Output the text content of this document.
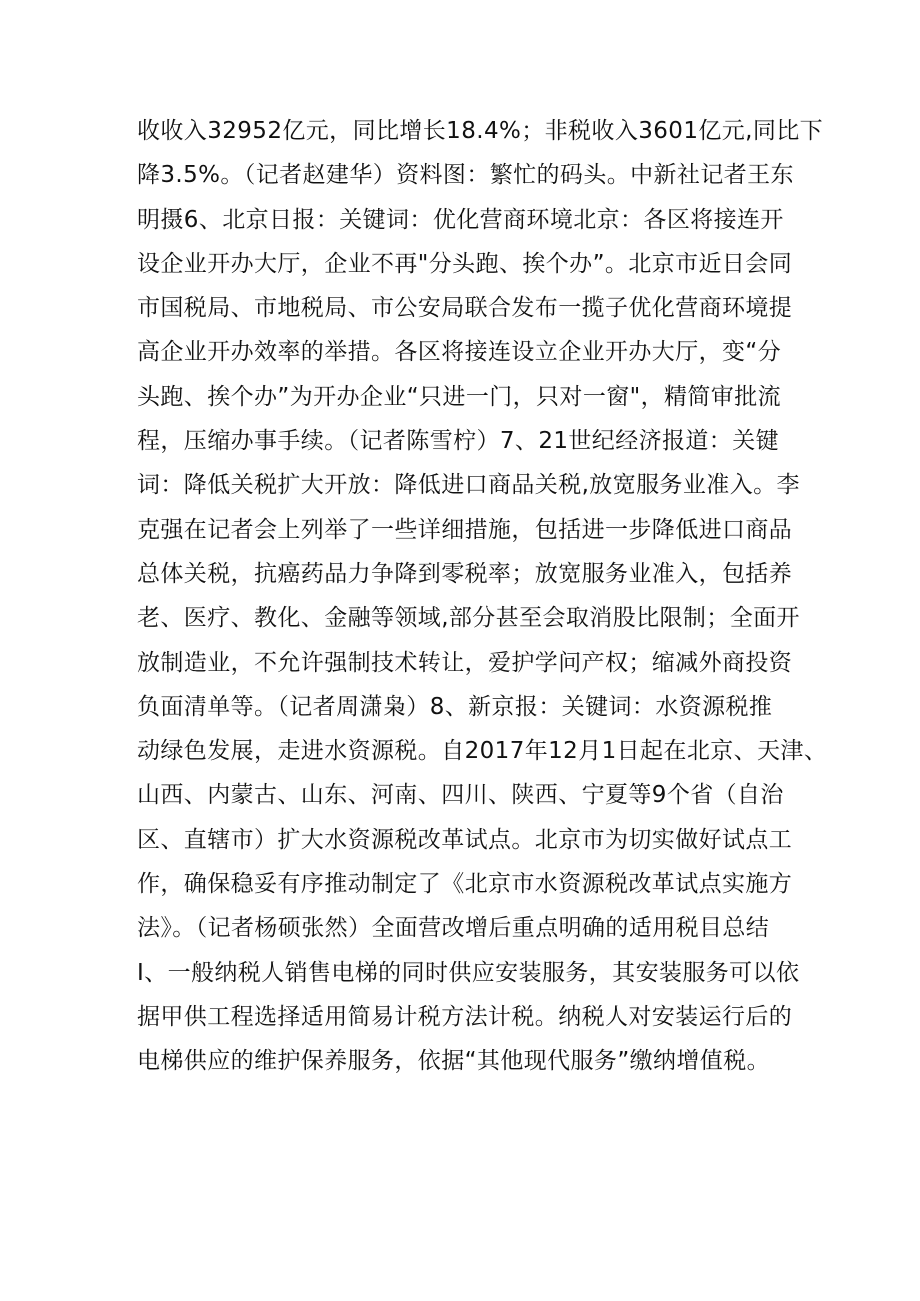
收收入32952亿元，同比增长18.4%；非税收入3601亿元,同比下
降3.5%。（记者赵建华）资料图：繁忙的码头。中新社记者王东
明摄6、北京日报：关键词：优化营商环境北京：各区将接连开
设企业开办大厅，企业不再"分头跑、挨个办”。北京市近日会同
市国税局、市地税局、市公安局联合发布一揽子优化营商环境提
高企业开办效率的举措。各区将接连设立企业开办大厅，变“分
头跑、挨个办”为开办企业“只进一门，只对一窗"，精简审批流
程，压缩办事手续。（记者陈雪柠）7、21世纪经济报道：关键
词：降低关税扩大开放：降低进口商品关税,放宽服务业准入。李
克强在记者会上列举了一些详细措施，包括进一步降低进口商品
总体关税，抗癌药品力争降到零税率；放宽服务业准入，包括养
老、医疗、教化、金融等领域,部分甚至会取消股比限制；全面开
放制造业，不允许强制技术转让，爱护学问产权；缩减外商投资
负面清单等。（记者周潇枭）8、新京报：关键词：水资源税推
动绿色发展，走进水资源税。自2017年12月1日起在北京、天津、
山西、内蒙古、山东、河南、四川、陕西、宁夏等9个省（自治
区、直辖市）扩大水资源税改革试点。北京市为切实做好试点工
作，确保稳妥有序推动制定了《北京市水资源税改革试点实施方
法》。（记者杨硕张然）全面营改增后重点明确的适用税目总结
I、一般纳税人销售电梯的同时供应安装服务，其安装服务可以依
据甲供工程选择适用简易计税方法计税。纳税人对安装运行后的
电梯供应的维护保养服务，依据“其他现代服务”缴纳增值税。
